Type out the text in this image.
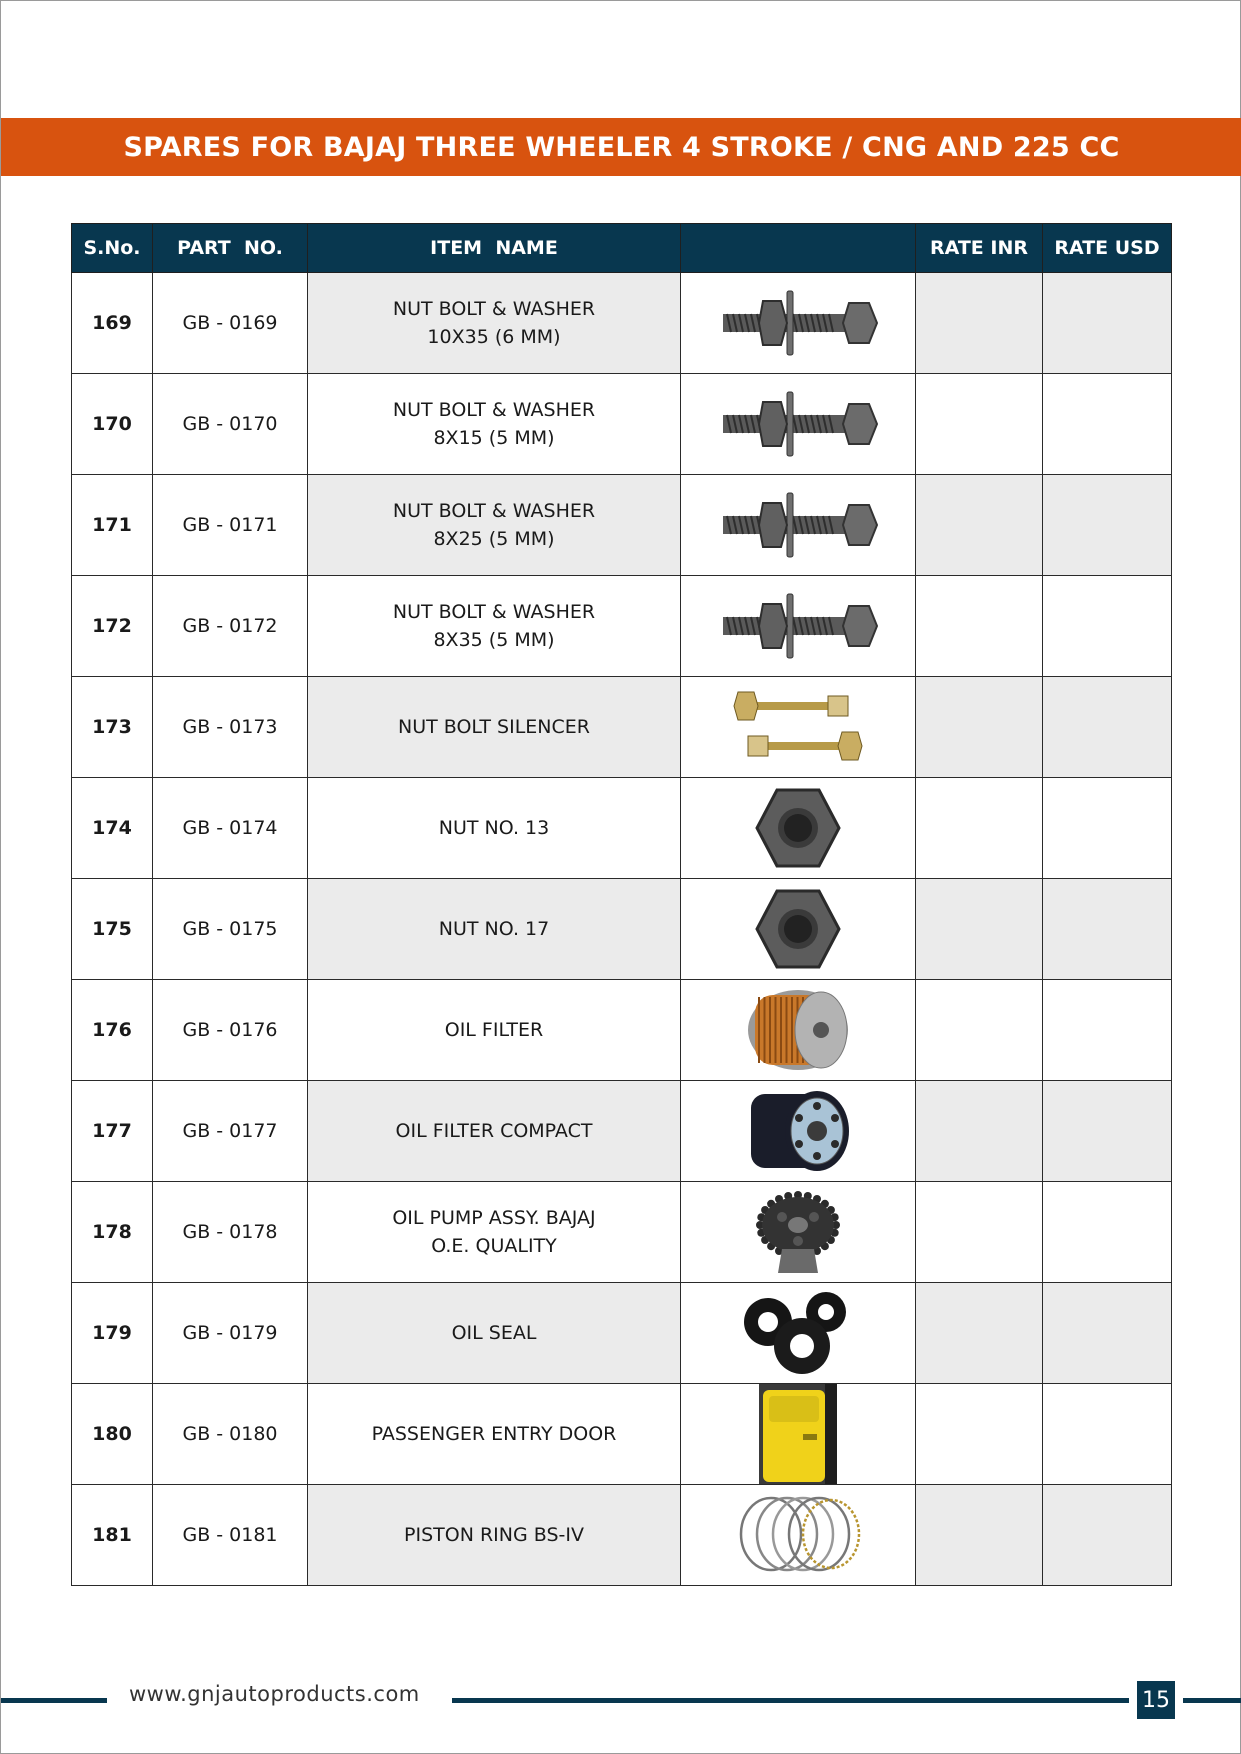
SPARES FOR BAJAJ THREE WHEELER 4 STROKE / CNG AND 225 CC
S.No.	PART  NO.	ITEM  NAME		RATE INR	RATE USD
169	GB - 0169	NUT BOLT & WASHER
10X35 (6 MM)

170	GB - 0170	NUT BOLT & WASHER
8X15 (5 MM)

171	GB - 0171	NUT BOLT & WASHER
8X25 (5 MM)

172	GB - 0172	NUT BOLT & WASHER
8X35 (5 MM)

173	GB - 0173	NUT BOLT SILENCER

174	GB - 0174	NUT NO. 13

175	GB - 0175	NUT NO. 17

176	GB - 0176	OIL FILTER

177	GB - 0177	OIL FILTER COMPACT

178	GB - 0178	OIL PUMP ASSY. BAJAJ
O.E. QUALITY

179	GB - 0179	OIL SEAL

180	GB - 0180	PASSENGER ENTRY DOOR

181	GB - 0181	PISTON RING BS-IV

www.gnjautoproducts.com	15
